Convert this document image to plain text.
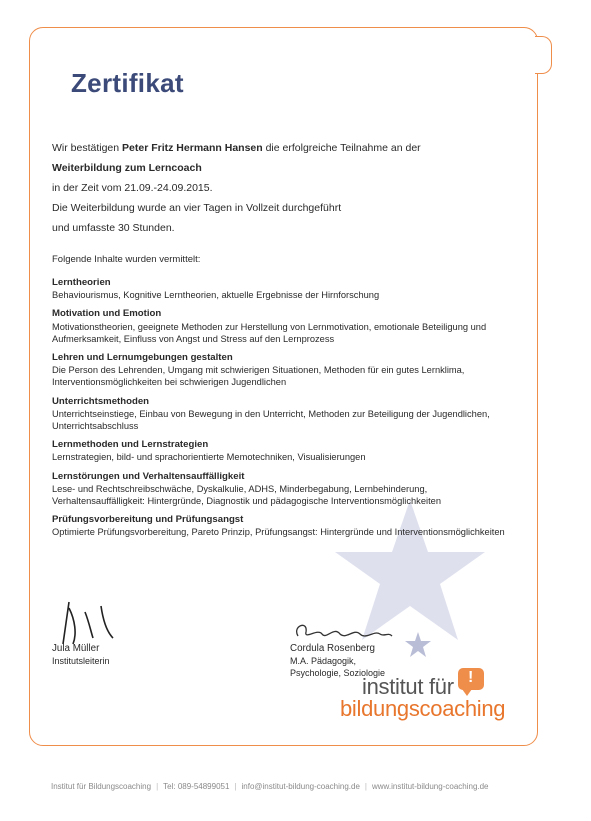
Zertifikat

Wir bestätigen Peter Fritz Hermann Hansen die erfolgreiche Teilnahme an der

Weiterbildung zum Lerncoach

in der Zeit vom 21.09.-24.09.2015.

Die Weiterbildung wurde an vier Tagen in Vollzeit durchgeführt

und umfasste 30 Stunden.

Folgende Inhalte wurden vermittelt:
Lerntheorien

Behaviourismus, Kognitive Lerntheorien, aktuelle Ergebnisse der Hirnforschung

Motivation und Emotion

Motivationstheorien, geeignete Methoden zur Herstellung von Lernmotivation, emotionale Beteiligung und Aufmerksamkeit, Einfluss von Angst und Stress auf den Lernprozess

Lehren und Lernumgebungen gestalten

Die Person des Lehrenden, Umgang mit schwierigen Situationen, Methoden für ein gutes Lernklima, Interventionsmöglichkeiten bei schwierigen Jugendlichen

Unterrichtsmethoden

Unterrichtseinstiege, Einbau von Bewegung in den Unterricht, Methoden zur Beteiligung der Jugendlichen, Unterrichtsabschluss

Lernmethoden und Lernstrategien

Lernstrategien, bild- und sprachorientierte Memotechniken, Visualisierungen

Lernstörungen und Verhaltensauffälligkeit

Lese- und Rechtschreibschwäche, Dyskalkulie, ADHS, Minderbegabung, Lernbehinderung, Verhaltensauffälligkeit: Hintergründe, Diagnostik und pädagogische Interventionsmöglichkeiten

Prüfungsvorbereitung und Prüfungsangst

Optimierte Prüfungsvorbereitung, Pareto Prinzip, Prüfungsangst: Hintergründe und Interventionsmöglichkeiten

Jula Müller
Institutsleiterin
Cordula Rosenberg
M.A. Pädagogik,
Psychologie, Soziologie	!
institut für
bildungscoaching
Institut für Bildungscoaching | Tel: 089-54899051 | info@institut-bildung-coaching.de | www.institut-bildung-coaching.de
